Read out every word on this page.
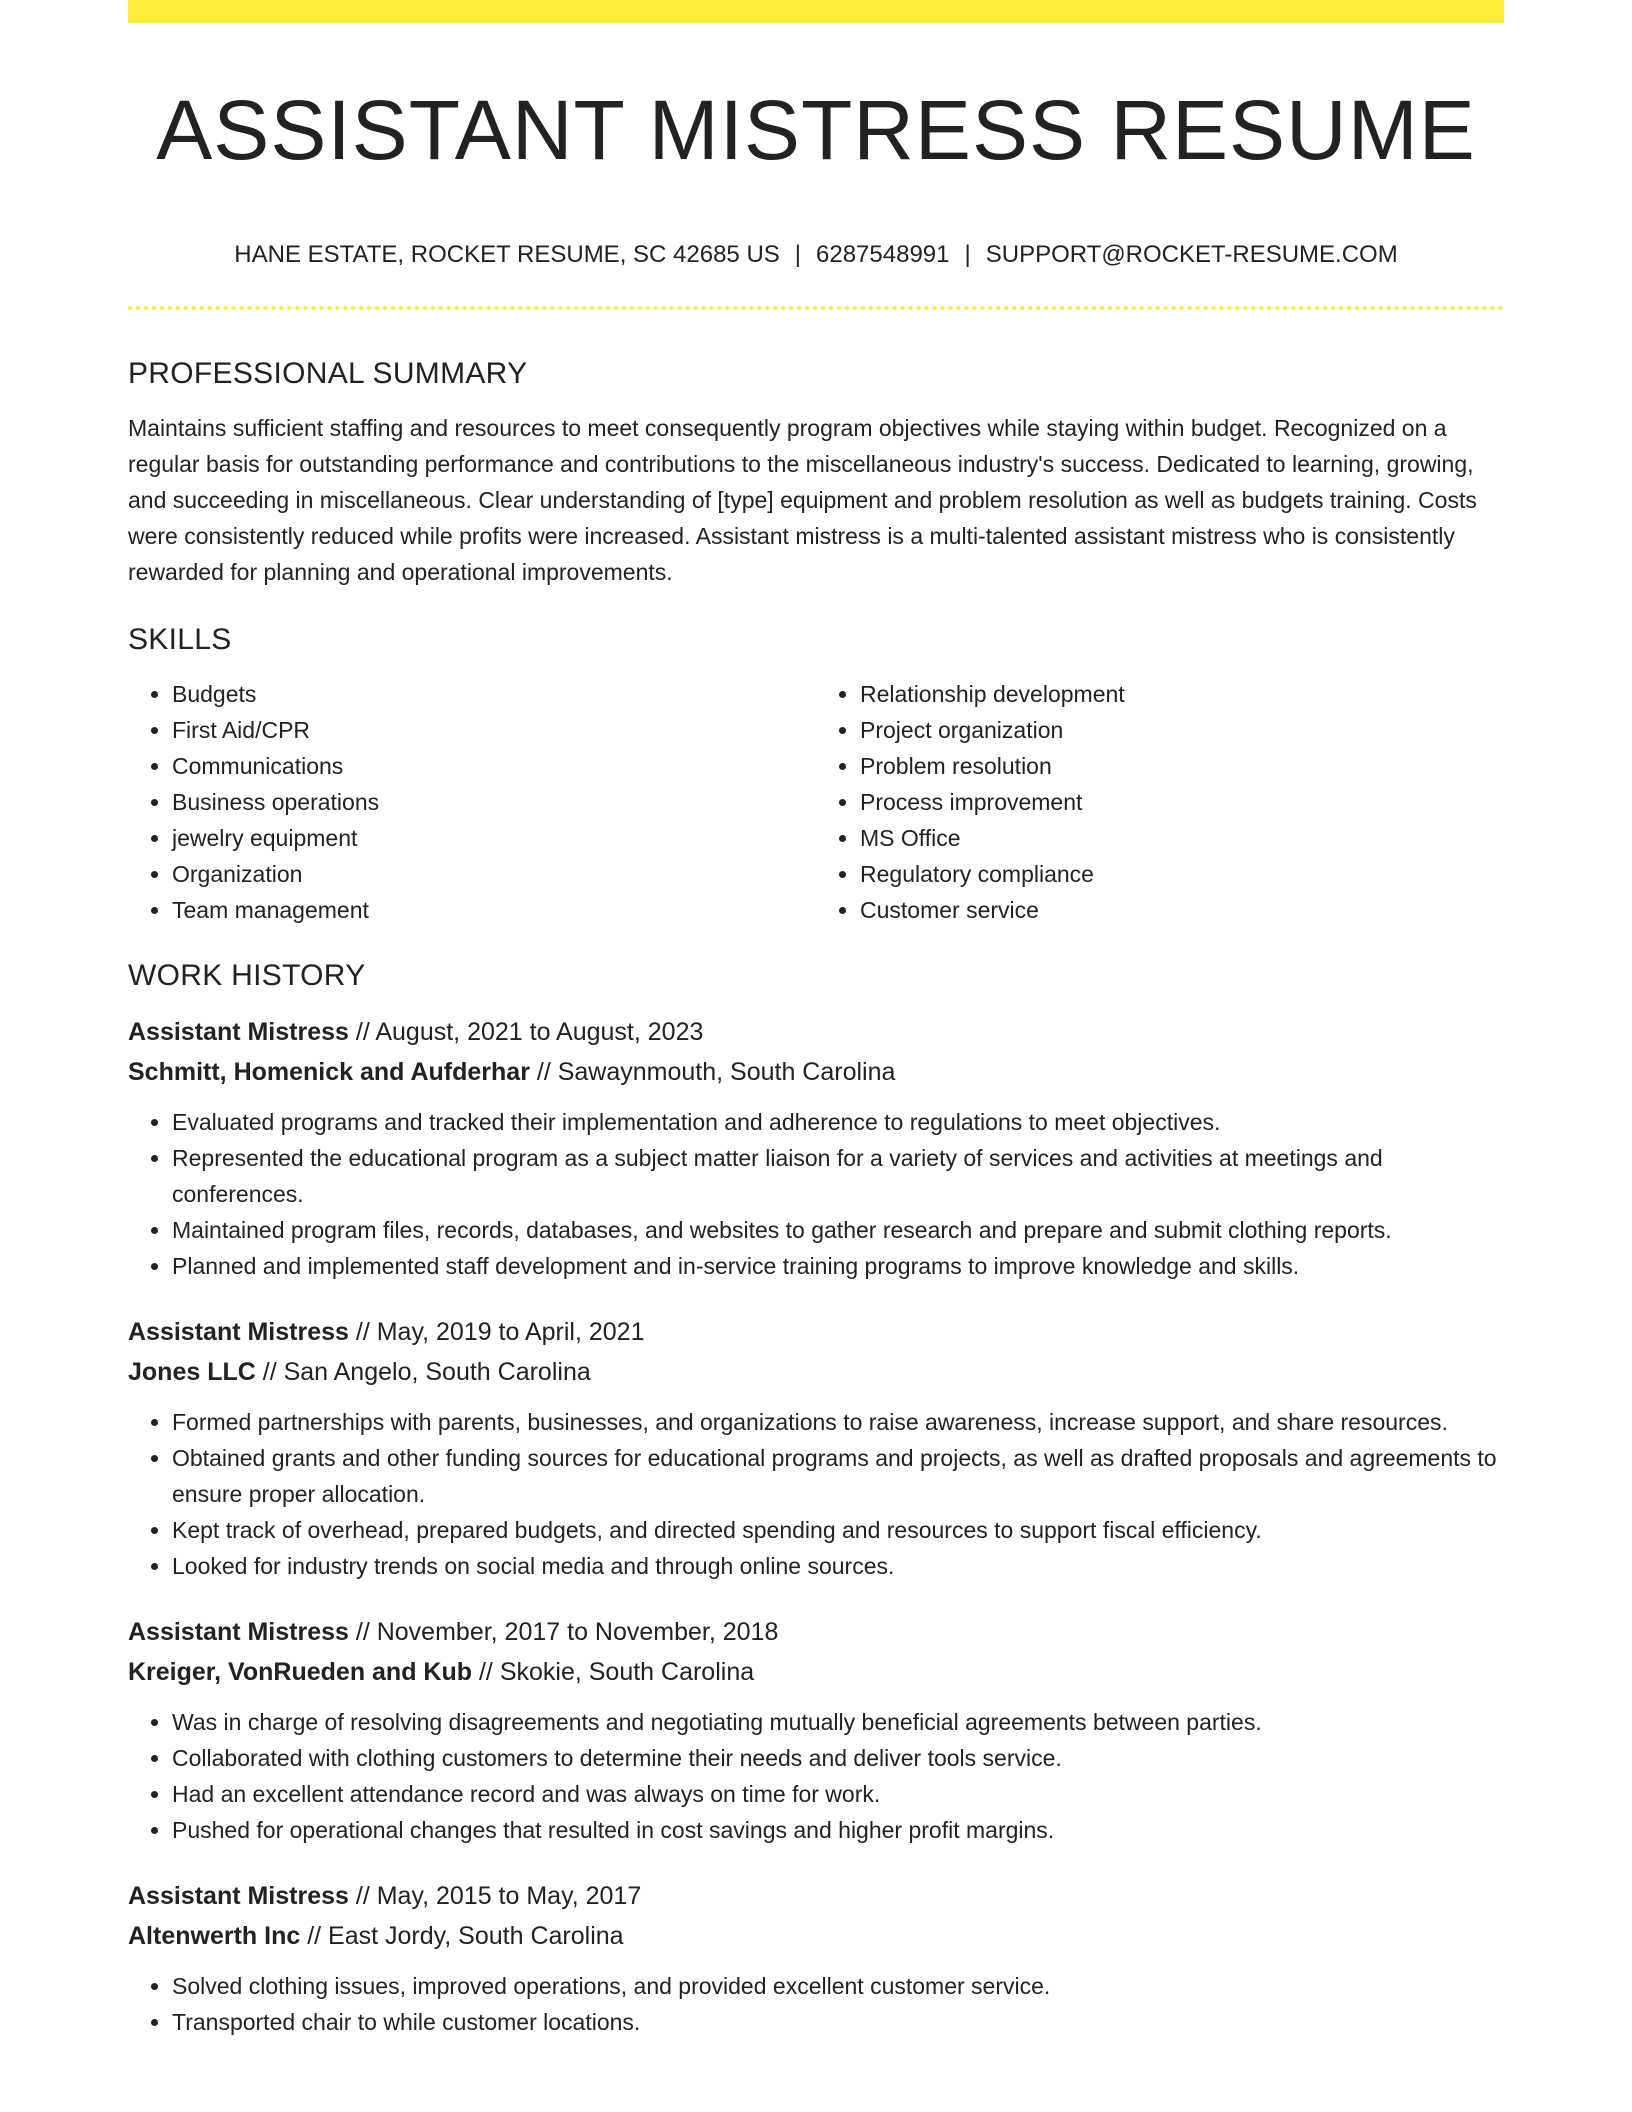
ASSISTANT MISTRESS RESUME
HANE ESTATE, ROCKET RESUME, SC 42685 US | 6287548991 | SUPPORT@ROCKET-RESUME.COM
PROFESSIONAL SUMMARY

Maintains sufficient staffing and resources to meet consequently program objectives while staying within budget. Recognized on a regular basis for outstanding performance and contributions to the miscellaneous industry's success. Dedicated to learning, growing, and succeeding in miscellaneous. Clear understanding of [type] equipment and problem resolution as well as budgets training. Costs were consistently reduced while profits were increased. Assistant mistress is a multi-talented assistant mistress who is consistently rewarded for planning and operational improvements.

SKILLS
• Budgets
• First Aid/CPR
• Communications
• Business operations
• jewelry equipment
• Organization
• Team management
• Relationship development
• Project organization
• Problem resolution
• Process improvement
• MS Office
• Regulatory compliance
• Customer service
WORK HISTORY
Assistant Mistress // August, 2021 to August, 2023
Schmitt, Homenick and Aufderhar // Sawaynmouth, South Carolina
• Evaluated programs and tracked their implementation and adherence to regulations to meet objectives.
• Represented the educational program as a subject matter liaison for a variety of services and activities at meetings and conferences.
• Maintained program files, records, databases, and websites to gather research and prepare and submit clothing reports.
• Planned and implemented staff development and in-service training programs to improve knowledge and skills.
Assistant Mistress // May, 2019 to April, 2021
Jones LLC // San Angelo, South Carolina
• Formed partnerships with parents, businesses, and organizations to raise awareness, increase support, and share resources.
• Obtained grants and other funding sources for educational programs and projects, as well as drafted proposals and agreements to ensure proper allocation.
• Kept track of overhead, prepared budgets, and directed spending and resources to support fiscal efficiency.
• Looked for industry trends on social media and through online sources.
Assistant Mistress // November, 2017 to November, 2018
Kreiger, VonRueden and Kub // Skokie, South Carolina
• Was in charge of resolving disagreements and negotiating mutually beneficial agreements between parties.
• Collaborated with clothing customers to determine their needs and deliver tools service.
• Had an excellent attendance record and was always on time for work.
• Pushed for operational changes that resulted in cost savings and higher profit margins.
Assistant Mistress // May, 2015 to May, 2017
Altenwerth Inc // East Jordy, South Carolina
• Solved clothing issues, improved operations, and provided excellent customer service.
• Transported chair to while customer locations.
